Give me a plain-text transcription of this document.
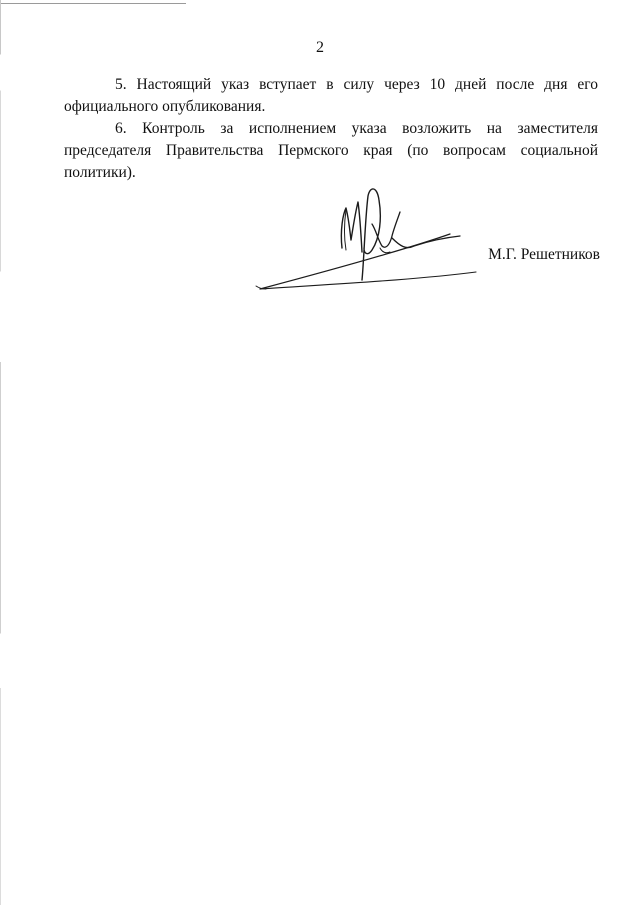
2

5. Настоящий указ вступает в силу через 10 дней после дня его официального опубликования.

6. Контроль за исполнением указа возложить на заместителя председателя Правительства Пермского края (по вопросам социальной политики).

М.Г. Решетников
